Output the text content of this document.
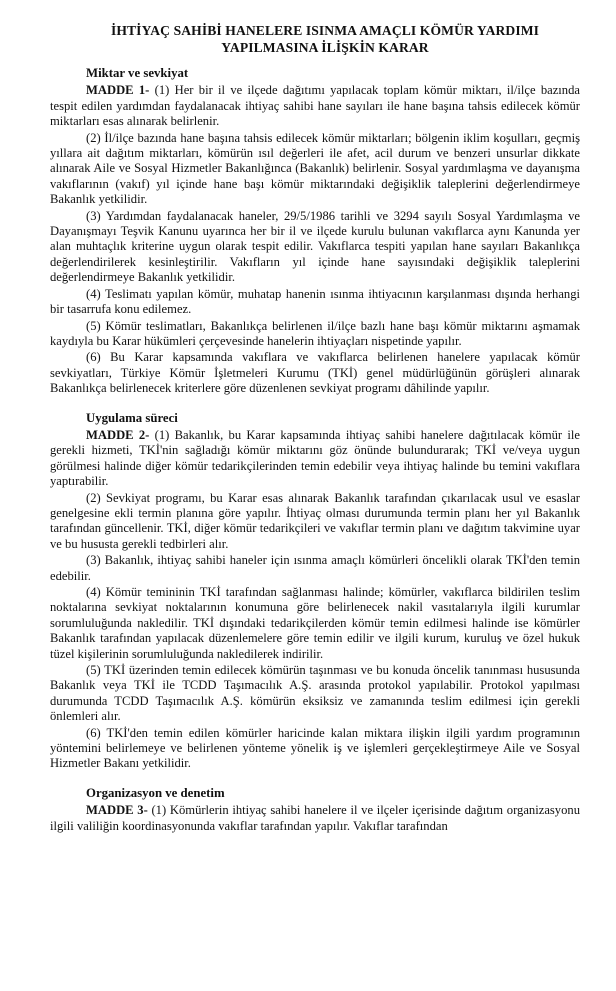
İHTİYAÇ SAHİBİ HANELERE ISINMA AMAÇLI KÖMÜR YARDIMI
YAPILMASINA İLİŞKİN KARAR
Miktar ve sevkiyat

MADDE 1- (1) Her bir il ve ilçede dağıtımı yapılacak toplam kömür miktarı, il/ilçe bazında tespit edilen yardımdan faydalanacak ihtiyaç sahibi hane sayıları ile hane başına tahsis edilecek kömür miktarları esas alınarak belirlenir.

(2) İl/ilçe bazında hane başına tahsis edilecek kömür miktarları; bölgenin iklim koşulları, geçmiş yıllara ait dağıtım miktarları, kömürün ısıl değerleri ile afet, acil durum ve benzeri unsurlar dikkate alınarak Aile ve Sosyal Hizmetler Bakanlığınca (Bakanlık) belirlenir. Sosyal yardımlaşma ve dayanışma vakıflarının (vakıf) yıl içinde hane başı kömür miktarındaki değişiklik taleplerini değerlendirmeye Bakanlık yetkilidir.

(3) Yardımdan faydalanacak haneler, 29/5/1986 tarihli ve 3294 sayılı Sosyal Yardımlaşma ve Dayanışmayı Teşvik Kanunu uyarınca her bir il ve ilçede kurulu bulunan vakıflarca aynı Kanunda yer alan muhtaçlık kriterine uygun olarak tespit edilir. Vakıflarca tespiti yapılan hane sayıları Bakanlıkça değerlendirilerek kesinleştirilir. Vakıfların yıl içinde hane sayısındaki değişiklik taleplerini değerlendirmeye Bakanlık yetkilidir.

(4) Teslimatı yapılan kömür, muhatap hanenin ısınma ihtiyacının karşılanması dışında herhangi bir tasarrufa konu edilemez.

(5) Kömür teslimatları, Bakanlıkça belirlenen il/ilçe bazlı hane başı kömür miktarını aşmamak kaydıyla bu Karar hükümleri çerçevesinde hanelerin ihtiyaçları nispetinde yapılır.

(6) Bu Karar kapsamında vakıflara ve vakıflarca belirlenen hanelere yapılacak kömür sevkiyatları, Türkiye Kömür İşletmeleri Kurumu (TKİ) genel müdürlüğünün görüşleri alınarak Bakanlıkça belirlenecek kriterlere göre düzenlenen sevkiyat programı dâhilinde yapılır.

Uygulama süreci

MADDE 2- (1) Bakanlık, bu Karar kapsamında ihtiyaç sahibi hanelere dağıtılacak kömür ile gerekli hizmeti, TKİ'nin sağladığı kömür miktarını göz önünde bulundurarak; TKİ ve/veya uygun görülmesi halinde diğer kömür tedarikçilerinden temin edebilir veya ihtiyaç halinde bu temini vakıflara yaptırabilir.

(2) Sevkiyat programı, bu Karar esas alınarak Bakanlık tarafından çıkarılacak usul ve esaslar genelgesine ekli termin planına göre yapılır. İhtiyaç olması durumunda termin planı her yıl Bakanlık tarafından güncellenir. TKİ, diğer kömür tedarikçileri ve vakıflar termin planı ve dağıtım takvimine uyar ve bu hususta gerekli tedbirleri alır.

(3) Bakanlık, ihtiyaç sahibi haneler için ısınma amaçlı kömürleri öncelikli olarak TKİ'den temin edebilir.

(4) Kömür temininin TKİ tarafından sağlanması halinde; kömürler, vakıflarca bildirilen teslim noktalarına sevkiyat noktalarının konumuna göre belirlenecek nakil vasıtalarıyla ilgili kurumlar sorumluluğunda nakledilir. TKİ dışındaki tedarikçilerden kömür temin edilmesi halinde ise kömürler Bakanlık tarafından yapılacak düzenlemelere göre temin edilir ve ilgili kurum, kuruluş ve özel hukuk tüzel kişilerinin sorumluluğunda nakledilerek indirilir.

(5) TKİ üzerinden temin edilecek kömürün taşınması ve bu konuda öncelik tanınması hususunda Bakanlık veya TKİ ile TCDD Taşımacılık A.Ş. arasında protokol yapılabilir. Protokol yapılması durumunda TCDD Taşımacılık A.Ş. kömürün eksiksiz ve zamanında teslim edilmesi için gerekli önlemleri alır.

(6) TKİ'den temin edilen kömürler haricinde kalan miktara ilişkin ilgili yardım programının yöntemini belirlemeye ve belirlenen yönteme yönelik iş ve işlemleri gerçekleştirmeye Aile ve Sosyal Hizmetler Bakanı yetkilidir.

Organizasyon ve denetim

MADDE 3- (1) Kömürlerin ihtiyaç sahibi hanelere il ve ilçeler içerisinde dağıtım organizasyonu ilgili valiliğin koordinasyonunda vakıflar tarafından yapılır. Vakıflar tarafından
